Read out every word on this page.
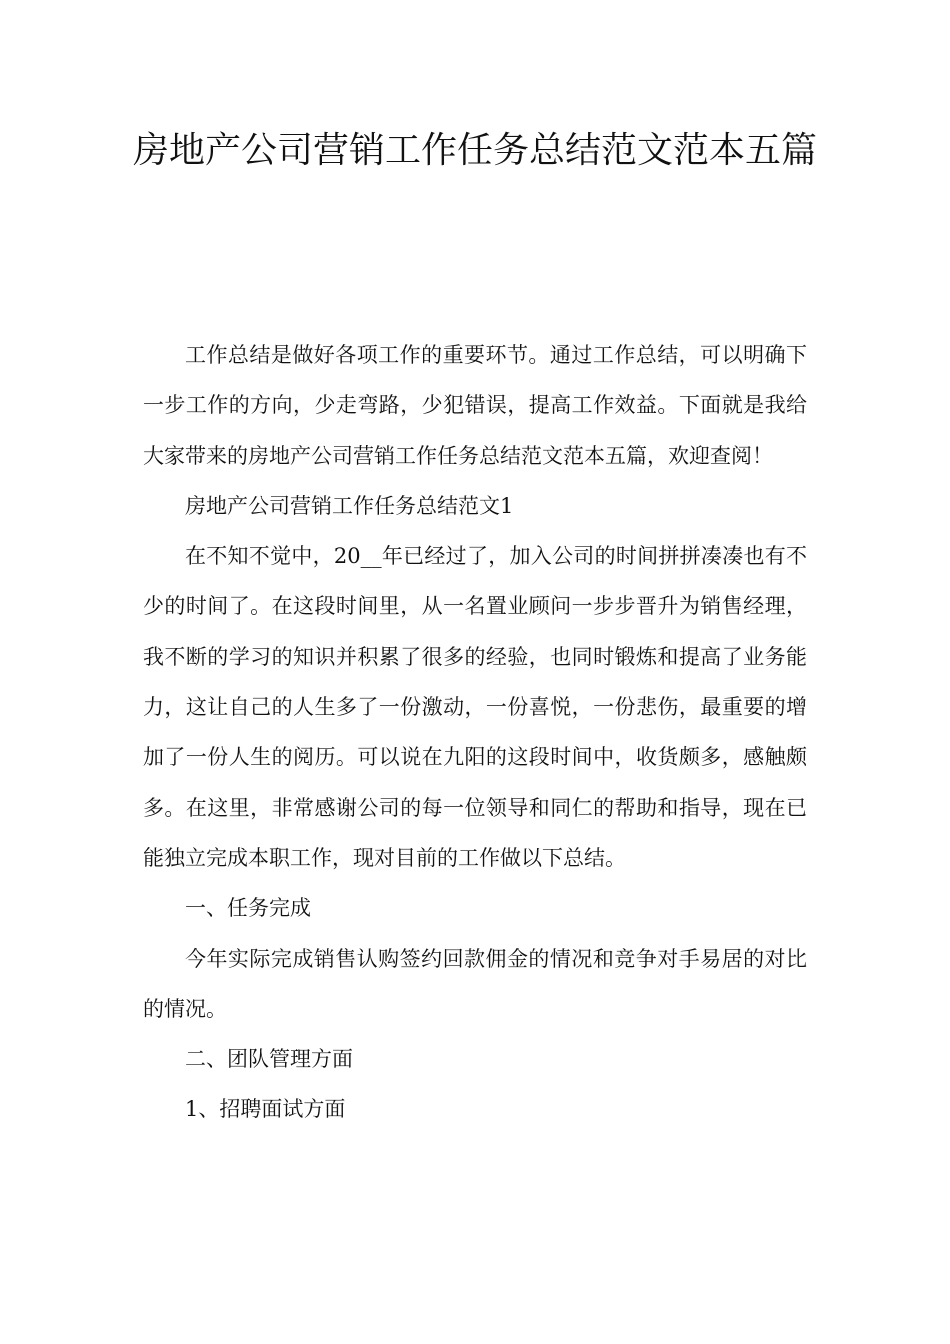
房地产公司营销工作任务总结范文范本五篇

工作总结是做好各项工作的重要环节。通过工作总结，可以明确下一步工作的方向，少走弯路，少犯错误，提高工作效益。下面就是我给大家带来的房地产公司营销工作任务总结范文范本五篇，欢迎查阅！

房地产公司营销工作任务总结范文1

在不知不觉中，20__年已经过了，加入公司的时间拼拼凑凑也有不少的时间了。在这段时间里，从一名置业顾问一步步晋升为销售经理，我不断的学习的知识并积累了很多的经验，也同时锻炼和提高了业务能力，这让自己的人生多了一份激动，一份喜悦，一份悲伤，最重要的增加了一份人生的阅历。可以说在九阳的这段时间中，收货颇多，感触颇多。在这里，非常感谢公司的每一位领导和同仁的帮助和指导，现在已能独立完成本职工作，现对目前的工作做以下总结。

一、任务完成

今年实际完成销售认购签约回款佣金的情况和竞争对手易居的对比的情况。

二、团队管理方面

1、招聘面试方面
